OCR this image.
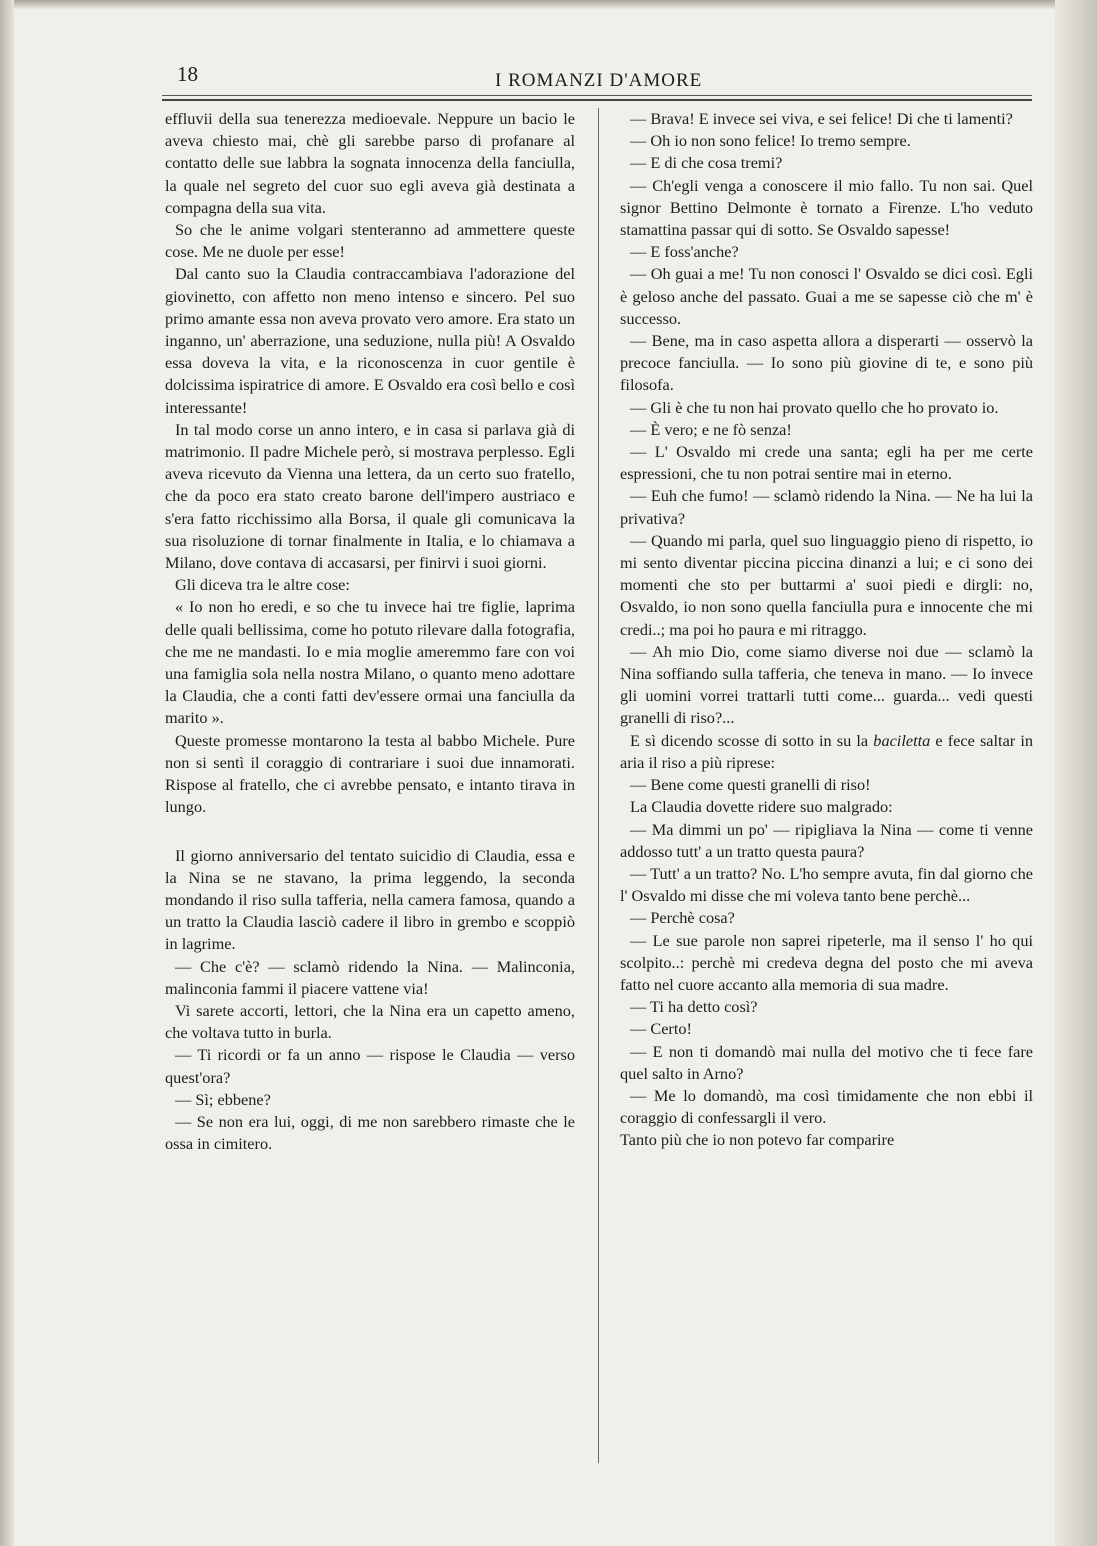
18	I ROMANZI D'AMORE

effluvii della sua tenerezza medioevale. Neppure un bacio le aveva chiesto mai, chè gli sarebbe parso di profanare al contatto delle sue labbra la sognata innocenza della fanciulla, la quale nel segreto del cuor suo egli aveva già destinata a compagna della sua vita.

So che le anime volgari stenteranno ad ammettere queste cose. Me ne duole per esse!

Dal canto suo la Claudia contraccambiava l'adorazione del giovinetto, con affetto non meno intenso e sincero. Pel suo primo amante essa non aveva provato vero amore. Era stato un inganno, un' aberrazione, una seduzione, nulla più! A Osvaldo essa doveva la vita, e la riconoscenza in cuor gentile è dolcissima ispiratrice di amore. E Osvaldo era così bello e così interessante!

In tal modo corse un anno intero, e in casa si parlava già di matrimonio. Il padre Michele però, si mostrava perplesso. Egli aveva ricevuto da Vienna una lettera, da un certo suo fratello, che da poco era stato creato barone dell'impero austriaco e s'era fatto ricchissimo alla Borsa, il quale gli comunicava la sua risoluzione di tornar finalmente in Italia, e lo chiamava a Milano, dove contava di accasarsi, per finirvi i suoi giorni.

Gli diceva tra le altre cose:

« Io non ho eredi, e so che tu invece hai tre figlie, laprima delle quali bellissima, come ho potuto rilevare dalla fotografia, che me ne mandasti. Io e mia moglie ameremmo fare con voi una famiglia sola nella nostra Milano, o quanto meno adottare la Claudia, che a conti fatti dev'essere ormai una fanciulla da marito ».

Queste promesse montarono la testa al babbo Michele. Pure non si sentì il coraggio di contrariare i suoi due innamorati. Rispose al fratello, che ci avrebbe pensato, e intanto tirava in lungo.

Il giorno anniversario del tentato suicidio di Claudia, essa e la Nina se ne stavano, la prima leggendo, la seconda mondando il riso sulla tafferia, nella camera famosa, quando a un tratto la Claudia lasciò cadere il libro in grembo e scoppiò in lagrime.

— Che c'è? — sclamò ridendo la Nina. — Malinconia, malinconia fammi il piacere vattene via!

Vi sarete accorti, lettori, che la Nina era un capetto ameno, che voltava tutto in burla.

— Ti ricordi or fa un anno — rispose le Claudia — verso quest'ora?

— Sì; ebbene?

— Se non era lui, oggi, di me non sarebbero rimaste che le ossa in cimitero.

— Brava! E invece sei viva, e sei felice! Di che ti lamenti?

— Oh io non sono felice! Io tremo sempre.

— E di che cosa tremi?

— Ch'egli venga a conoscere il mio fallo. Tu non sai. Quel signor Bettino Delmonte è tornato a Firenze. L'ho veduto stamattina passar qui di sotto. Se Osvaldo sapesse!

— E foss'anche?

— Oh guai a me! Tu non conosci l' Osvaldo se dici così. Egli è geloso anche del passato. Guai a me se sapesse ciò che m' è successo.

— Bene, ma in caso aspetta allora a disperarti — osservò la precoce fanciulla. — Io sono più giovine di te, e sono più filosofa.

— Gli è che tu non hai provato quello che ho provato io.

— È vero; e ne fò senza!

— L' Osvaldo mi crede una santa; egli ha per me certe espressioni, che tu non potrai sentire mai in eterno.

— Euh che fumo! — sclamò ridendo la Nina. — Ne ha lui la privativa?

— Quando mi parla, quel suo linguaggio pieno di rispetto, io mi sento diventar piccina piccina dinanzi a lui; e ci sono dei momenti che sto per buttarmi a' suoi piedi e dirgli: no, Osvaldo, io non sono quella fanciulla pura e innocente che mi credi..; ma poi ho paura e mi ritraggo.

— Ah mio Dio, come siamo diverse noi due — sclamò la Nina soffiando sulla tafferia, che teneva in mano. — Io invece gli uomini vorrei trattarli tutti come... guarda... vedi questi granelli di riso?...

E sì dicendo scosse di sotto in su la baciletta e fece saltar in aria il riso a più riprese:

— Bene come questi granelli di riso!

La Claudia dovette ridere suo malgrado:

— Ma dimmi un po' — ripigliava la Nina — come ti venne addosso tutt' a un tratto questa paura?

— Tutt' a un tratto? No. L'ho sempre avuta, fin dal giorno che l' Osvaldo mi disse che mi voleva tanto bene perchè...

— Perchè cosa?

— Le sue parole non saprei ripeterle, ma il senso l' ho qui scolpito..: perchè mi credeva degna del posto che mi aveva fatto nel cuore accanto alla memoria di sua madre.

— Ti ha detto così?

— Certo!

— E non ti domandò mai nulla del motivo che ti fece fare quel salto in Arno?

— Me lo domandò, ma così timidamente che non ebbi il coraggio di confessargli il vero.

Tanto più che io non potevo far comparire
